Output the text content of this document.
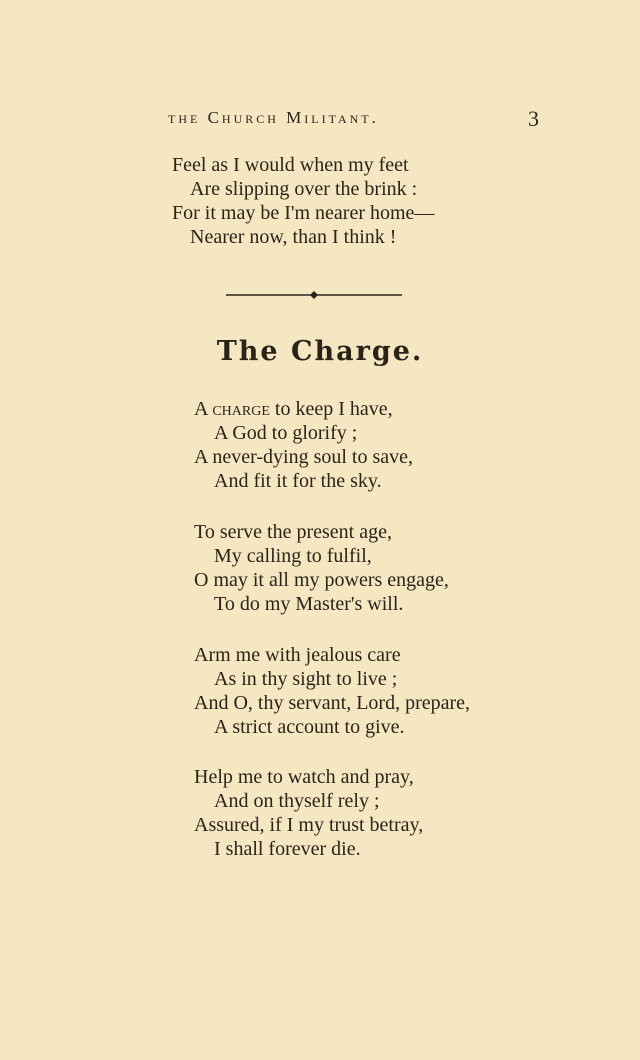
the Church Militant.	3
Feel as I would when my feet
Are slipping over the brink :
For it may be I'm nearer home—
Nearer now, than I think !
The Charge.
A charge to keep I have,
A God to glorify ;
A never-dying soul to save,
And fit it for the sky.
To serve the present age,
My calling to fulfil,
O may it all my powers engage,
To do my Master's will.
Arm me with jealous care
As in thy sight to live ;
And O, thy servant, Lord, prepare,
A strict account to give.
Help me to watch and pray,
And on thyself rely ;
Assured, if I my trust betray,
I shall forever die.
